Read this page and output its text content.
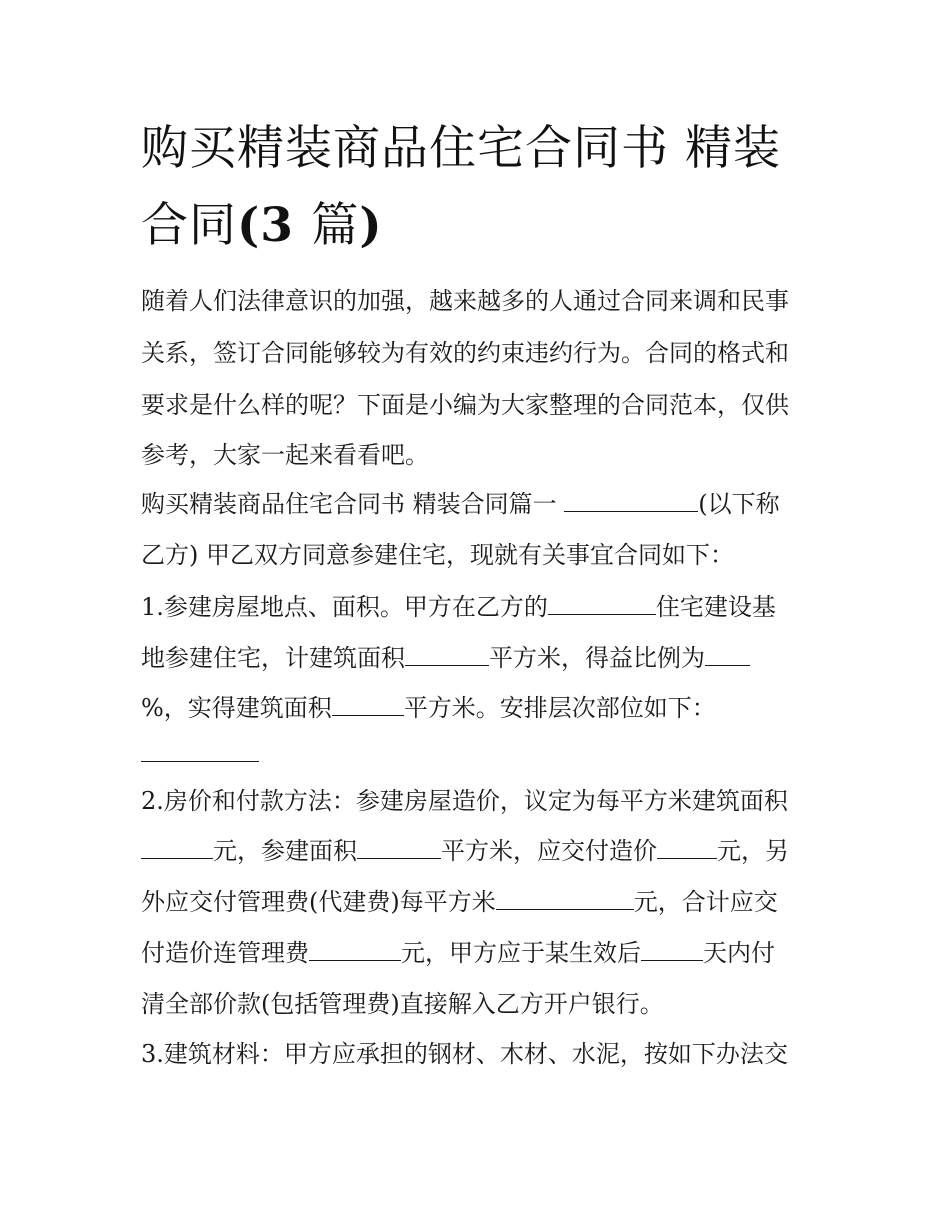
购买精装商品住宅合同书 精装
合同(3 篇)

随着人们法律意识的加强，越来越多的人通过合同来调和民事

关系，签订合同能够较为有效的约束违约行为。合同的格式和

要求是什么样的呢？下面是小编为大家整理的合同范本，仅供

参考，大家一起来看看吧。

购买精装商品住宅合同书 精装合同篇一	(以下称

乙方) 甲乙双方同意参建住宅，现就有关事宜合同如下：

1.参建房屋地点、面积。甲方在乙方的	住宅建设基

地参建住宅，计建筑面积	平方米，得益比例为

%，实得建筑面积	平方米。安排层次部位如下：

2.房价和付款方法：参建房屋造价，议定为每平方米建筑面积

元，参建面积	平方米，应交付造价	元，另

外应交付管理费(代建费)每平方米	元，合计应交

付造价连管理费	元，甲方应于某生效后	天内付

清全部价款(包括管理费)直接解入乙方开户银行。

3.建筑材料：甲方应承担的钢材、木材、水泥，按如下办法交
